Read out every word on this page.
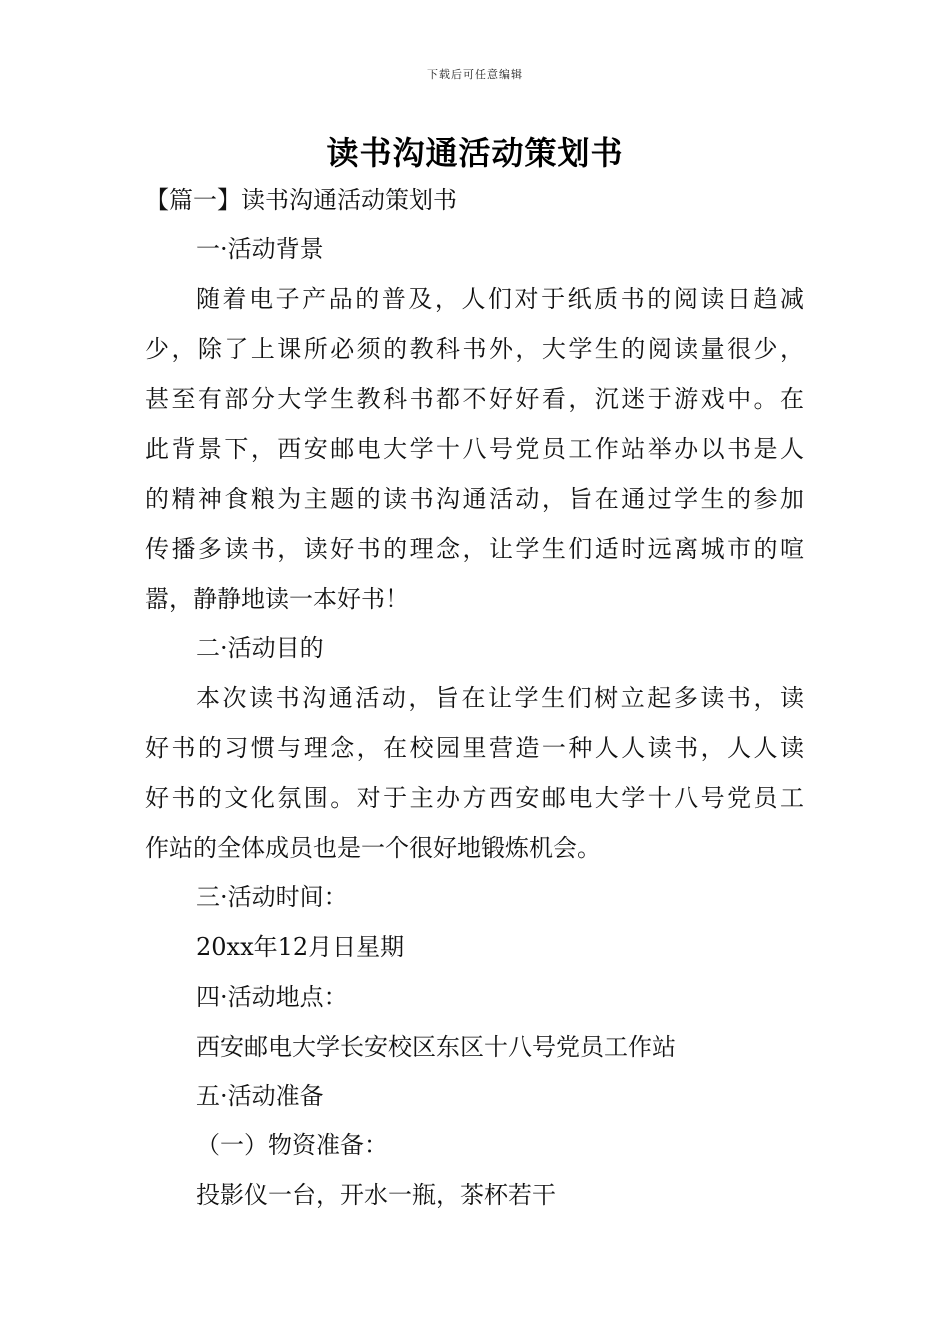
下载后可任意编辑
读书沟通活动策划书
【篇一】读书沟通活动策划书
一·活动背景
随着电子产品的普及，人们对于纸质书的阅读日趋减
少，除了上课所必须的教科书外，大学生的阅读量很少，
甚至有部分大学生教科书都不好好看，沉迷于游戏中。在
此背景下，西安邮电大学十八号党员工作站举办以书是人
的精神食粮为主题的读书沟通活动，旨在通过学生的参加
传播多读书，读好书的理念，让学生们适时远离城市的喧
嚣，静静地读一本好书！
二·活动目的
本次读书沟通活动，旨在让学生们树立起多读书，读
好书的习惯与理念，在校园里营造一种人人读书，人人读
好书的文化氛围。对于主办方西安邮电大学十八号党员工
作站的全体成员也是一个很好地锻炼机会。
三·活动时间：
20xx年12月日星期
四·活动地点：
西安邮电大学长安校区东区十八号党员工作站
五·活动准备
（一）物资准备：
投影仪一台，开水一瓶，茶杯若干
